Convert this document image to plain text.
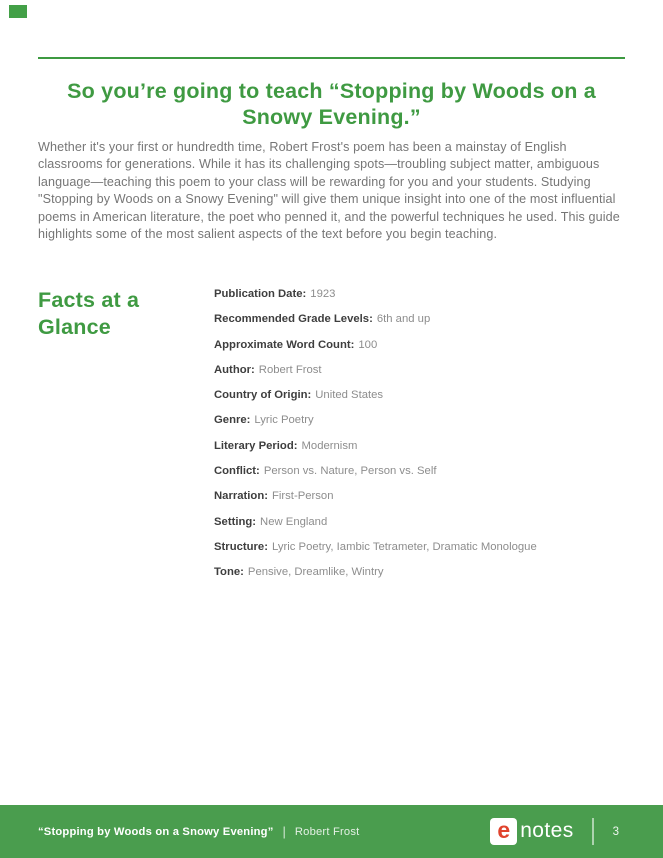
So you’re going to teach “Stopping by Woods on a
Snowy Evening.”

Whether it's your first or hundredth time, Robert Frost's poem has been a mainstay of English classrooms for generations. While it has its challenging spots—troubling subject matter, ambiguous language—teaching this poem to your class will be rewarding for you and your students. Studying "Stopping by Woods on a Snowy Evening" will give them unique insight into one of the most influential poems in American literature, the poet who penned it, and the powerful techniques he used. This guide highlights some of the most salient aspects of the text before you begin teaching.

Facts at a Glance
Publication Date: 1923
Recommended Grade Levels: 6th and up
Approximate Word Count: 100
Author: Robert Frost
Country of Origin: United States
Genre: Lyric Poetry
Literary Period: Modernism
Conflict: Person vs. Nature, Person vs. Self
Narration: First-Person
Setting: New England
Structure: Lyric Poetry, Iambic Tetrameter, Dramatic Monologue
Tone: Pensive, Dreamlike, Wintry
“Stopping by Woods on a Snowy Evening” | Robert Frost	e notes	3
